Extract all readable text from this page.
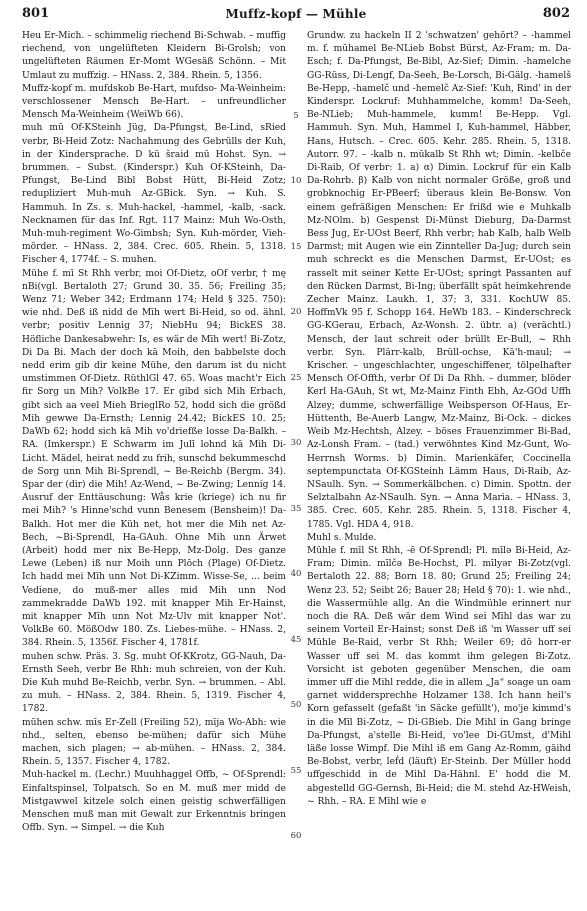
801	Muffz-kopf — Mühle	802

Heu Er-Mich. – schimmelig riechend Bi-Schwab. – muffig riechend, von ungelüfteten Kleidern Bi-Grolsh; von ungelüfteten Räumen Er-Momt WGesäß Schönn. – Mit Umlaut zu muffzig. – HNass. 2, 384. Rhein. 5, 1356.

Muffz-kopf m. mufdskob Be-Hart, mufdso- Ma-Weinheim: verschlossener Mensch Be-Hart. – unfreundlicher Mensch Ma-Weinheim (WeiWb 66).

muh mū Of-KSteinh Jüg, Da-Pfungst, Be-Lind, sRied verbr, Bi-Heid Zotz: Nachahmung des Gebrülls der Kuh, in der Kindersprache. D kū šraid mū Hohst. Syn. → brummen. – Subst. (Kinderspr.) Kuh Of-KSteinh, Da-Pfungst, Be-Lind Bibl Bobst Hütt, Bi-Heid Zotz; redupliziert Muh-muh Az-GBick. Syn. → Kuh. S. Hammuh. In Zs. s. Muh-hackel, -hammel, -kalb, -sack. Necknamen für das Inf. Rgt. 117 Mainz: Muh Wo-Osth, Muh-muh-regiment Wo-Gimbsh; Syn. Kuh-mörder, Vieh-mörder. – HNass. 2, 384. Crec. 605. Rhein. 5, 1318. Fischer 4, 1774f. – S. muhen.

Mühe f. mī St Rhh verbr, moi Of-Dietz, oOf verbr, † mę nBi(vgl. Bertaloth 27; Grund 30. 35. 56; Freiling 35; Wenz 71; Weber 342; Erdmann 174; Held § 325. 750): wie nhd. Deß iß nidd de Mīh wert Bi-Heid, so od. ähnl. verbr; positiv Lennig 37; NiebHu 94; BickES 38. Höfliche Dankesabwehr: Is, es wär de Mīh wert! Bi-Zotz, Di Da Bi. Mach der doch kā Moih, den babbelste doch nedd erim gib dir keine Mühe, den darum ist du nicht umstimmen Of-Dietz. RüthlGl 47. 65. Woas macht'r Eich fir Sorg un Mih? VolkBe 17. Er gibd sich Mih Erbach, gibt sich aa veel Mieh BrieglRo 52, hodd sich die größd Mih gewwe Da-Ernsth; Lennig 24.42; BickES 10. 25; DaWb 62; hodd sich kā Mih vo'driefße losse Da-Balkh. – RA. (Imkerspr.) E Schwarm im Julī lohnd kā Mih Di-Licht. Mädel, heirat nedd zu frih, sunschd bekummeschd de Sorg unn Mih Bi-Sprendl, ~ Be-Reichb (Bergm. 34). Spar der (dir) die Mih! Az-Wend, ~ Be-Zwing; Lennig 14. Ausruf der Enttäuschung: Wås krie (kriege) ich nu fir mei Mih? 's Hinne'schd vunn Benesem (Bensheim)! Da-Balkh. Hot mer die Küh net, hot mer die Mih net Az-Bech, ~Bi-Sprendl, Ha-GAuh. Ohne Mih unn Ärwet (Arbeit) hodd mer nix Be-Hepp, Mz-Dolg. Des ganze Lewe (Leben) iß nur Moih unn Plōch (Plage) Of-Dietz. Ich hadd mei Mīh unn Not Di-KZimm. Wisse-Se, ... beim Vediene, do muß-mer alles mid Mih unn Nod zammekradde DaWb 192. mit knapper Mih Er-Hainst, mit knapper Mīh unn Not Mz-Ulv mit knapper Not'. VolkBe 60. MößOdw 180. Zs. Liebes-mühe. – HNass. 2, 384. Rhein. 5, 1356f. Fischer 4, 1781f.

muhen schw. Präs. 3. Sg. muht Of-KKrotz, GG-Nauh, Da-Ernsth Seeh, verbr Be Rhh: muh schreien, von der Kuh. Die Kuh muhd Be-Reichb, verbr. Syn. → brummen. – Abl. zu muh. – HNass. 2, 384. Rhein. 5, 1319. Fischer 4, 1782.

mühen schw. mīs Er-Zell (Freiling 52), mīja Wo-Abh: wie nhd., selten, ebenso be-mühen; dafür sich Mühe machen, sich plagen; → ab-mühen. – HNass. 2, 384. Rhein. 5, 1357. Fischer 4, 1782.

Muh-hackel m. (Lechr.) Muuhhaggel Offb, ~ Of-Sprendl: Einfaltspinsel, Tolpatsch. So en M. muß mer midd de Mistgawwel kitzele solch einen geistig schwerfälligen Menschen muß man mit Gewalt zur Erkenntnis bringen Offb. Syn. → Simpel. → die Kuh

5
10
15
20
25
30
35
40
45
50
55
60

Grundw. zu hackeln II 2 'schwatzen' gehört? – -hammel m. f. mūhamel Be-NLieb Bobst Bürst, Az-Fram; m. Da-Esch; f. Da-Pfungst, Be-Bibl, Az-Sief; Dimin. -hamelche GG-Rüss, Di-Lengf, Da-Seeh, Be-Lorsch, Bi-Gälg. -hamelš Be-Hepp, -hamelč und -hemelč Az-Sief: 'Kuh, Rind' in der Kinderspr. Lockruf: Muhhammelche, komm! Da-Seeh, Be-NLieb; Muh-hammele, kumm! Be-Hepp. Vgl. Hammuh. Syn. Muh, Hammel I, Kuh-hammel, Häbber, Hans, Hutsch. – Crec. 605. Kehr. 285. Rhein. 5, 1318. Autorr. 97. – -kalb n. mūkalb St Rhh wt; Dimin. -kelbče Di-Raib, Of verbr: 1. a) α) Dimin. Lockruf für ein Kalb Da-Rohrb. β) Kalb von nicht normaler Größe, groß und grobknochig Er-PBeerf; überaus klein Be-Bonsw. Von einem gefräßigen Menschen: Er frißd wie e Muhkalb Mz-NOlm. b) Gespenst Di-Münst Dieburg, Da-Darmst Bess Jug, Er-UOst Beerf, Rhh verbr; hab Kalb, halb Welb Darmst; mit Augen wie ein Zinnteller Da-Jug; durch sein muh schreckt es die Menschen Darmst, Er-UOst; es rasselt mit seiner Kette Er-UOst; springt Passanten auf den Rücken Darmst, Bi-Ing; überfällt spät heimkehrende Zecher Mainz. Laukh. 1, 37; 3, 331. KochUW 85. HoffmVk 95 f. Schopp 164. HeWb 183. – Kinderschreck GG-KGerau, Erbach, Az-Wonsh. 2. übtr. a) (verächtl.) Mensch, der laut schreit oder brüllt Er-Bull, ~ Rhh verbr. Syn. Plärr-kalb, Brüll-ochse, Kā'h-maul; → Krischer. – ungeschlachter, ungeschiffener, tölpelhafter Mensch Of-Offth, verbr Of Di Da Rhh. – dummer, blöder Kerl Ha-GAuh, St wt, Mz-Mainz Finth Ebh, Az-GOd Uffh Alzey; dumme, schwerfällige Weibsperson Of-Haus, Er-Hüttenth, Be-Auerb Langw, Mz-Mainz, Bi-Ock. – dickes Weib Mz-Hechtsh, Alzey. – böses Frauenzimmer Bi-Bad, Az-Lonsh Fram. – (tad.) verwöhntes Kind Mz-Gunt, Wo-Herrnsh Worms. b) Dimin. Marienkäfer, Coccinella septempunctata Of-KGSteinh Lämm Haus, Di-Raib, Az-NSaulh. Syn. → Sommerkälbchen. c) Dimin. Spottn. der Selztalbahn Az-NSaulh. Syn. → Anna Maria. – HNass. 3, 385. Crec. 605. Kehr. 285. Rhein. 5, 1318. Fischer 4, 1785. Vgl. HDA 4, 918.

Muhl s. Mulde.

Mühle f. mīl St Rhh, -ē Of-Sprendl; Pl. mīlə Bi-Heid, Az-Fram; Dimin. mīlčə Be-Hochst, Pl. mīlyər Bi-Zotz(vgl. Bertaloth 22. 88; Born 18. 80; Grund 25; Freiling 24; Wenz 23. 52; Seibt 26; Bauer 28; Held § 70): 1. wie nhd., die Wassermühle allg. An die Windmühle erinnert nur noch die RA. Deß wār dem Wind sei Mīhl das war zu seinem Vorteil Er-Hainst; sonst Deß iß 'm Wasser uff sei Mühle Be-Raid, verbr St Rhh; Weiler 69; dō horr-er Wasser uff sei M. das kommt ihm gelegen Bi-Zotz. Vorsicht ist geboten gegenüber Menschen, die oam immer uff die Mihl redde, die in allem „Ja“ soage un oam garnet widdersprechhe Holzamer 138. Ich hann heil's Korn gefasselt (gefaßt 'in Säcke gefüllt'), mo'je kimmd's in die Mīl Bi-Zotz, ~ Di-GBieb. Die Mihl in Gang bringe Da-Pfungst, a'stelle Bi-Heid, vo'lee Di-GUmst, d'Mihl läße losse Wimpf. Die Mihl iß em Gang Az-Romm, gāihd Be-Bobst, verbr, leḟd (läuft) Er-Steinb. Der Müller hodd uffgeschidd in de Mihl Da-Hähnl. E' hodd die M. abgestelld GG-Gernsh, Bi-Heid; die M. stehd Az-HWeish, ~ Rhh. – RA. E Mīhl wie e
